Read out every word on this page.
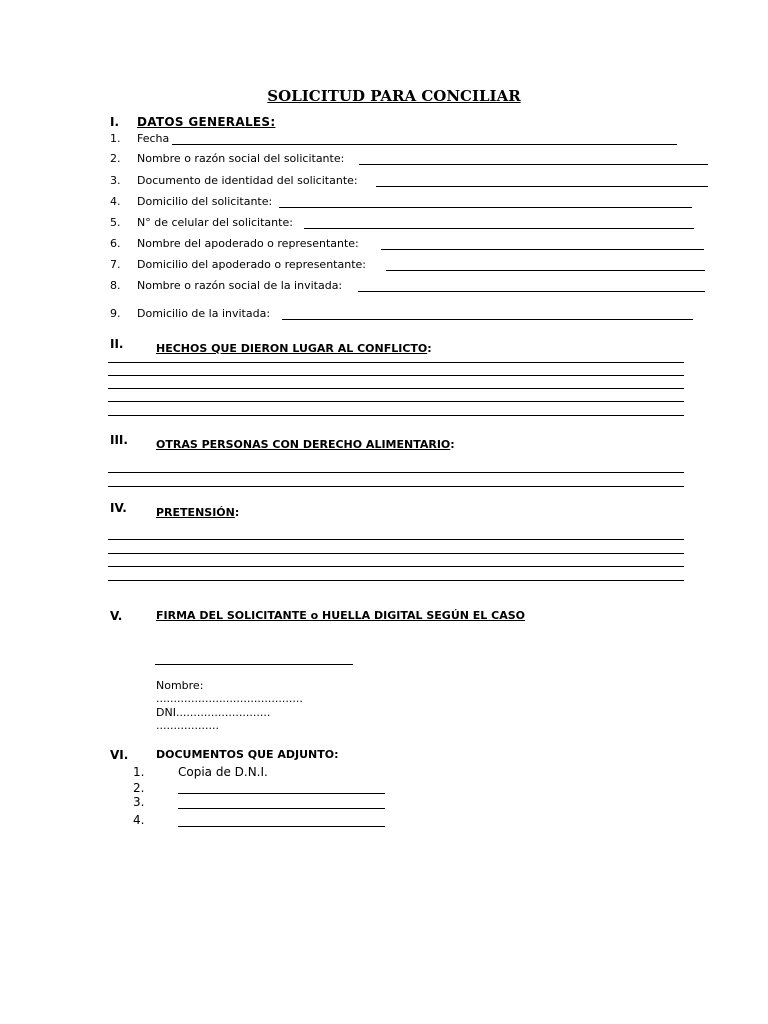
SOLICITUD PARA CONCILIAR
I. DATOS GENERALES:
1. Fecha
2. Nombre o razón social del solicitante:
3. Documento de identidad del solicitante:
4. Domicilio del solicitante:
5. N° de celular del solicitante:
6. Nombre del apoderado o representante:
7. Domicilio del apoderado o representante:
8. Nombre o razón social de la invitada:
9. Domicilio de la invitada:
II.	HECHOS QUE DIERON LUGAR AL CONFLICTO:
III.	OTRAS PERSONAS CON DERECHO ALIMENTARIO:
IV.	PRETENSIÓN:
V.	FIRMA DEL SOLICITANTE o HUELLA DIGITAL SEGÚN EL CASO
Nombre:
..........................................
DNI...........................
..................
VI.	DOCUMENTOS QUE ADJUNTO:
1.	Copia de D.N.I.
2.
3.
4.
